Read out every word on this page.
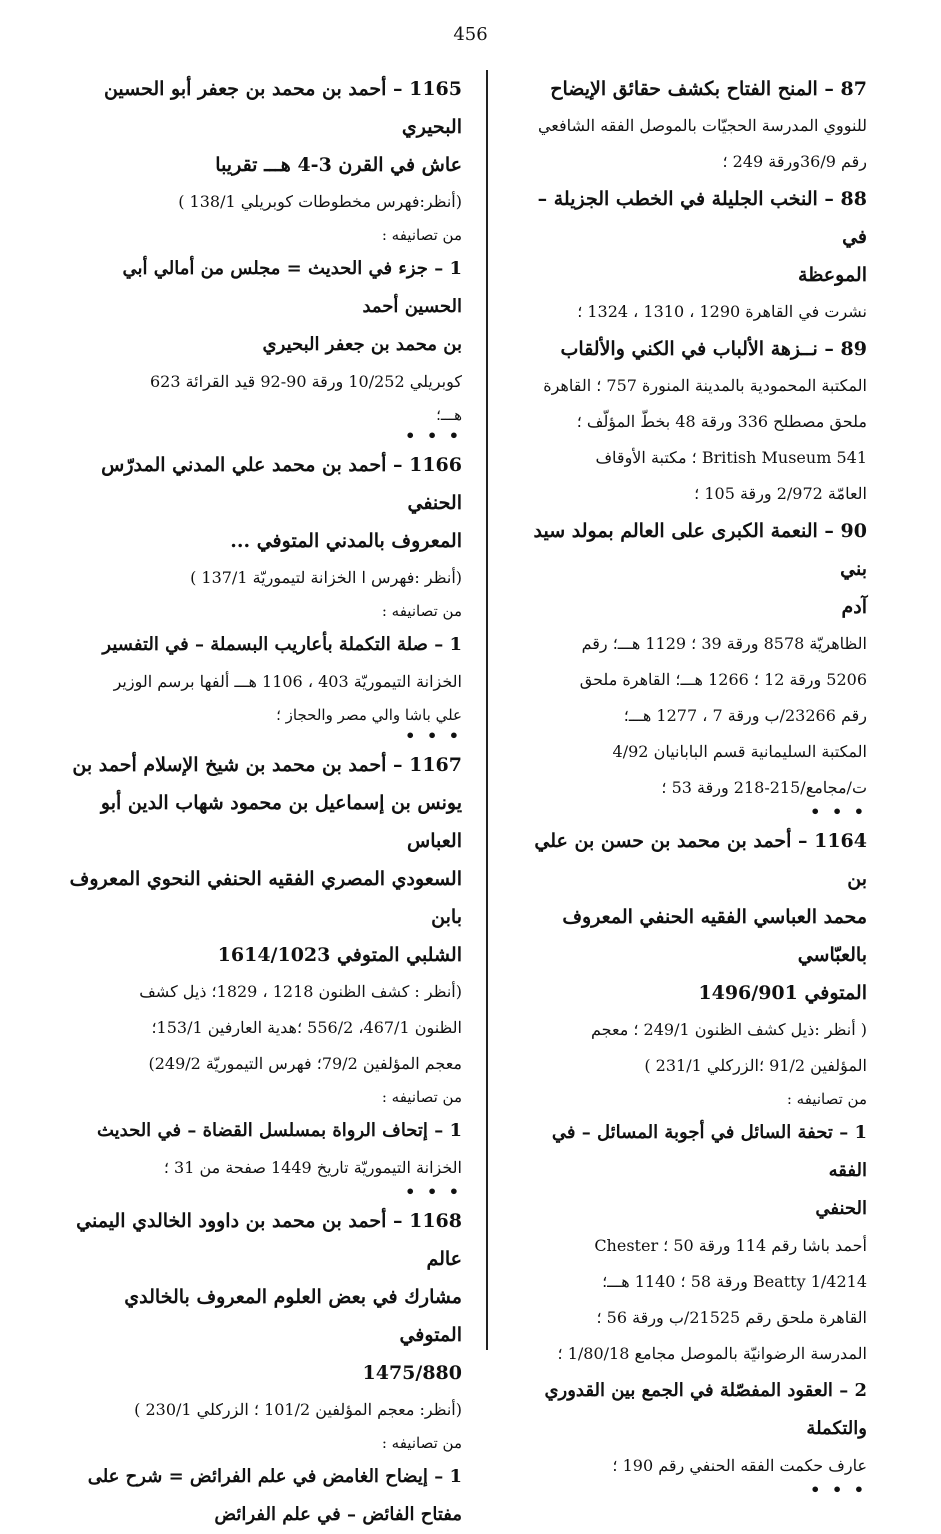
456

87 – المنح الفتاح بكشف حقائق الإيضاح

للنووي المدرسة الحجيّات بالموصل الفقه الشافعي

رقم 36/9ورقة 249 ؛

88 – النخب الجليلة في الخطب الجزيلة – في

الموعظة

نشرت في القاهرة 1290 ، 1310 ، 1324 ؛

89 – نــزهة الألباب في الكني والألقاب

المكتبة المحمودية بالمدينة المنورة 757 ؛ القاهرة

ملحق مصطلح 336 ورقة 48 بخطّ المؤلّف ؛

541 British Museum ؛ مكتبة الأوقاف

العامّة 2/972 ورقة 105 ؛

90 – النعمة الكبرى على العالم بمولد سيد بني

آدم

الظاهريّة 8578 ورقة 39 ؛ 1129 هـــ؛ رقم

5206 ورقة 12 ؛ 1266 هـــ؛ القاهرة ملحق

رقم 23266/ب ورقة 7 ، 1277 هـــ؛

المكتبة السليمانية قسم البابانيان 4/92

ت/مجامع/215-218 ورقة 53 ؛

• • •

1164 – أحمد بن محمد بن حسن بن علي بن

محمد العباسي الفقيه الحنفي المعروف بالعبّاسي

المتوفي 1496/901

( أنظر :ذيل كشف الظنون 249/1 ؛ معجم

المؤلفين 91/2 ؛الزركلي 231/1 )

من تصانيفه :

1 – تحفة السائل في أجوبة المسائل – في الفقه

الحنفي

أحمد باشا رقم 114 ورقة 50 ؛ Chester

1/4214 Beatty ورقة 58 ؛ 1140 هـــ؛

القاهرة ملحق رقم 21525/ب ورقة 56 ؛

المدرسة الرضوانيّة بالموصل مجامع 1/80/18 ؛

2 – العقود المفصّلة في الجمع بين القدوري

والتكملة

عارف حكمت الفقه الحنفي رقم 190 ؛

• • •

1165 – أحمد بن محمد بن جعفر أبو الحسين البحيري

عاش في القرن 3-4 هـــ تقريبا

(أنظر:فهرس مخطوطات كوبريلي 138/1 )

من تصانيفه :

1 – جزء في الحديث = مجلس من أمالي أبي الحسين أحمد

بن محمد بن جعفر البحيري

كوبريلي 10/252 ورقة 90-92 قيد القرائة 623

هـــ؛

• • •

1166 – أحمد بن محمد علي المدني المدرّس الحنفي

المعروف بالمدني المتوفي ...

(أنظر :فهرس ا الخزانة لتيموريّة 137/1 )

من تصانيفه :

1 – صلة التكملة بأعاريب البسملة – في التفسير

الخزانة التيموريّة 403 ، 1106 هـــ ألفها برسم الوزير

علي باشا والي مصر والحجاز ؛

• • •

1167 – أحمد بن محمد بن شيخ الإسلام أحمد بن

يونس بن إسماعيل بن محمود شهاب الدين أبو العباس

السعودي المصري الفقيه الحنفي النحوي المعروف بابن

الشلبي المتوفي 1614/1023

(أنظر : كشف الظنون 1218 ، 1829؛ ذيل كشف

الظنون 467/1، 556/2 ؛هدية العارفين 153/1؛

معجم المؤلفين 79/2؛ فهرس التيموريّة 249/2)

من تصانيفه :

1 – إتحاف الرواة بمسلسل القضاة – في الحديث

الخزانة التيموريّة تاريخ 1449 صفحة من 31 ؛

• • •

1168 – أحمد بن محمد بن داوود الخالدي اليمني عالم

مشارك في بعض العلوم المعروف بالخالدي المتوفي

1475/880

(أنظر: معجم المؤلفين 101/2 ؛ الزركلي 230/1 )

من تصانيفه :

1 – إيضاح الغامض في علم الفرائض = شرح على

مفتاح الفائض – في علم الفرائض
